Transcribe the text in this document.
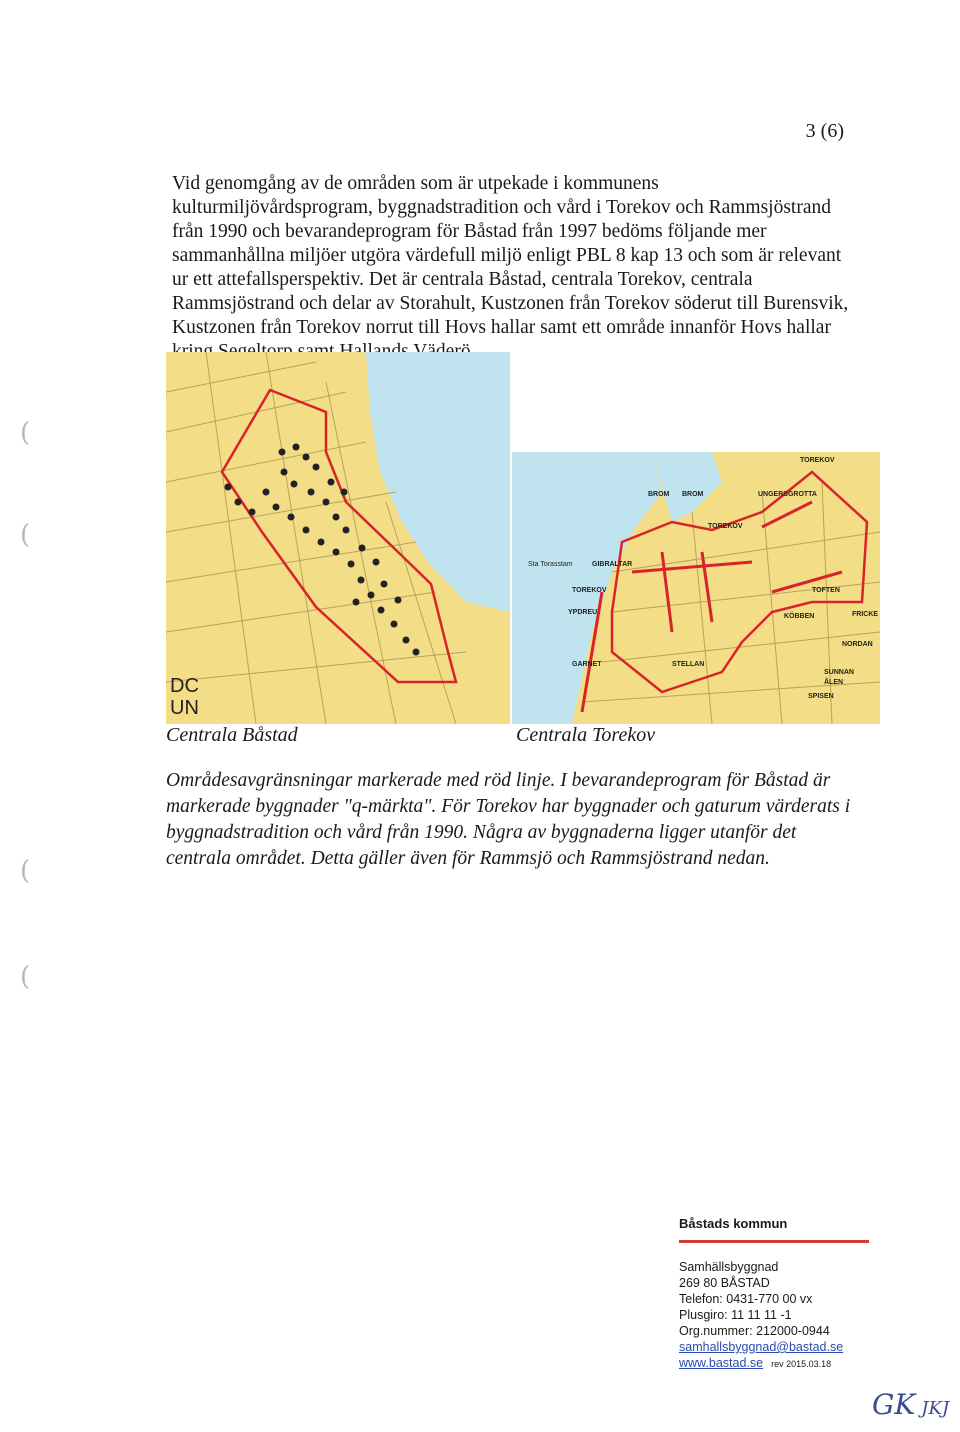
3 (6)

Vid genomgång av de områden som är utpekade i kommunens kulturmiljövårdsprogram, byggnadstradition och vård i Torekov och Rammsjöstrand från 1990 och bevarandeprogram för Båstad från 1997 bedöms följande mer sammanhållna miljöer utgöra värdefull miljö enligt PBL 8 kap 13 och som är relevant ur ett attefallsperspektiv. Det är centrala Båstad, centrala Torekov, centrala Rammsjöstrand och delar av Storahult, Kustzonen från Torekov söderut till Burensvik, Kustzonen från Torekov norrut till Hovs hallar samt ett område innanför Hovs hallar

(
(
(
(
DC
UN
TOREKOV
BROM BROM	UNGERSGROTTA
TOREKOV
Sta Torasstam	GIBRALTAR
TOREKOV
YPDREU
KÖBBEN
TOFTEN
FRICKE
GARNET	STELLAN
SUNNAN
ÅLEN
SPISEN
NORDAN

Centrala Båstad	Centrala Torekov

Områdesavgränsningar markerade med röd linje. I bevarandeprogram för Båstad är markerade byggnader "q-märkta". För Torekov har byggnader och gaturum värderats i byggnadstradition och vård från 1990. Några av byggnaderna ligger utanför det centrala området. Detta gäller även för Rammsjö och Rammsjöstrand nedan.

Båstads kommun
Samhällsbyggnad
269 80 BÅSTAD
Telefon: 0431-770 00 vx
Plusgiro: 11 11 11 -1
Org.nummer: 212000-0944
samhallsbyggnad@bastad.se
www.bastad.se rev 2015.03.18
GK JKJ
